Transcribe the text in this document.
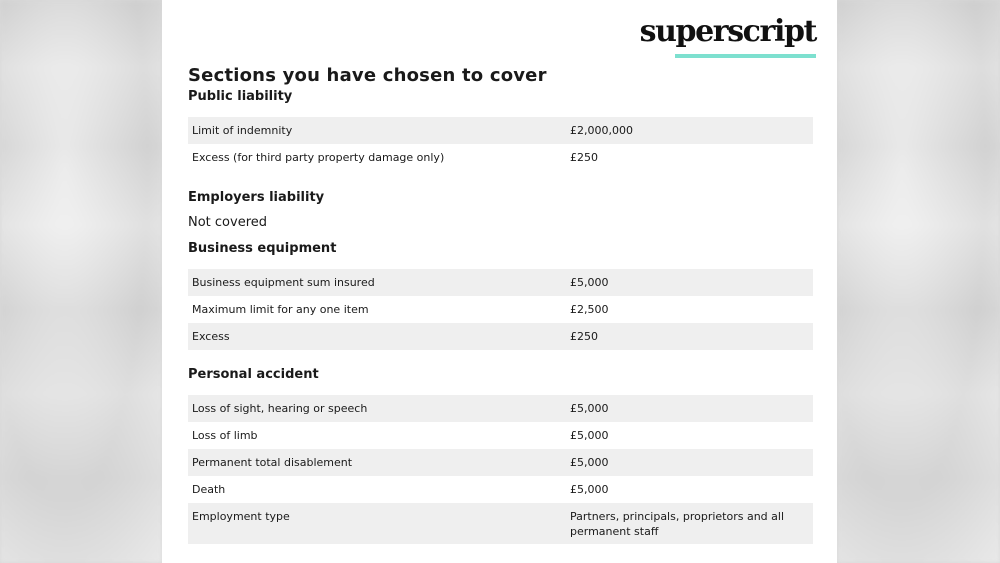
superscript
Sections you have chosen to cover
Public liability
Limit of indemnity	£2,000,000
Excess (for third party property damage only)	£250
Employers liability

Not covered

Business equipment
Business equipment sum insured	£5,000
Maximum limit for any one item	£2,500
Excess	£250
Personal accident
Loss of sight, hearing or speech	£5,000
Loss of limb	£5,000
Permanent total disablement	£5,000
Death	£5,000
Employment type	Partners, principals, proprietors and all permanent staff
